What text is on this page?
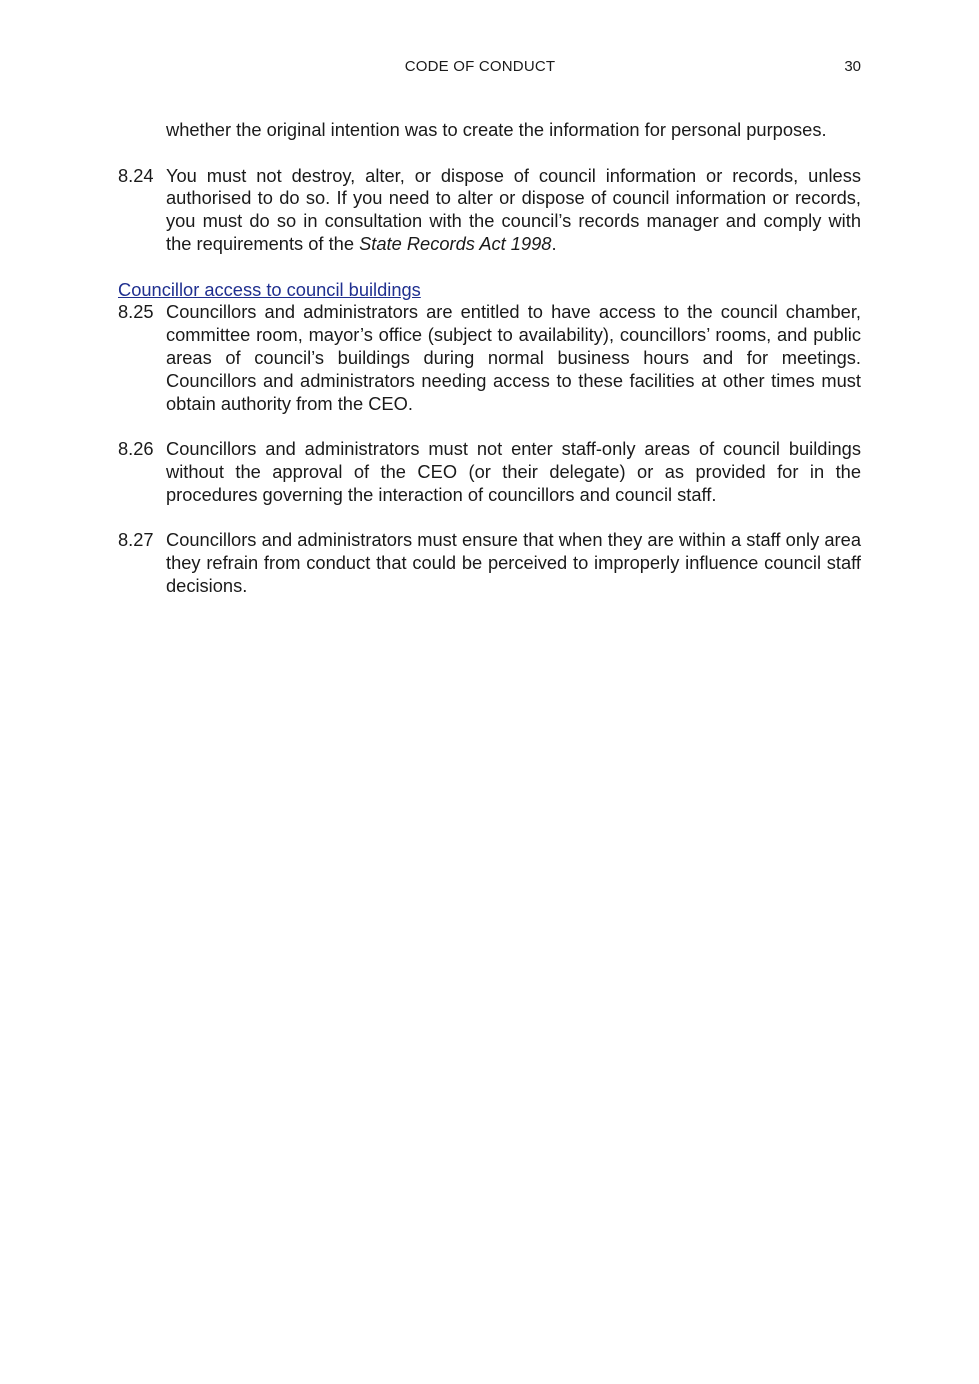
CODE OF CONDUCT	30
whether the original intention was to create the information for personal purposes.
8.24 You must not destroy, alter, or dispose of council information or records, unless authorised to do so. If you need to alter or dispose of council information or records, you must do so in consultation with the council’s records manager and comply with the requirements of the State Records Act 1998.
Councillor access to council buildings
8.25 Councillors and administrators are entitled to have access to the council chamber, committee room, mayor’s office (subject to availability), councillors’ rooms, and public areas of council’s buildings during normal business hours and for meetings. Councillors and administrators needing access to these facilities at other times must obtain authority from the CEO.
8.26 Councillors and administrators must not enter staff-only areas of council buildings without the approval of the CEO (or their delegate) or as provided for in the procedures governing the interaction of councillors and council staff.
8.27 Councillors and administrators must ensure that when they are within a staff only area they refrain from conduct that could be perceived to improperly influence council staff decisions.
